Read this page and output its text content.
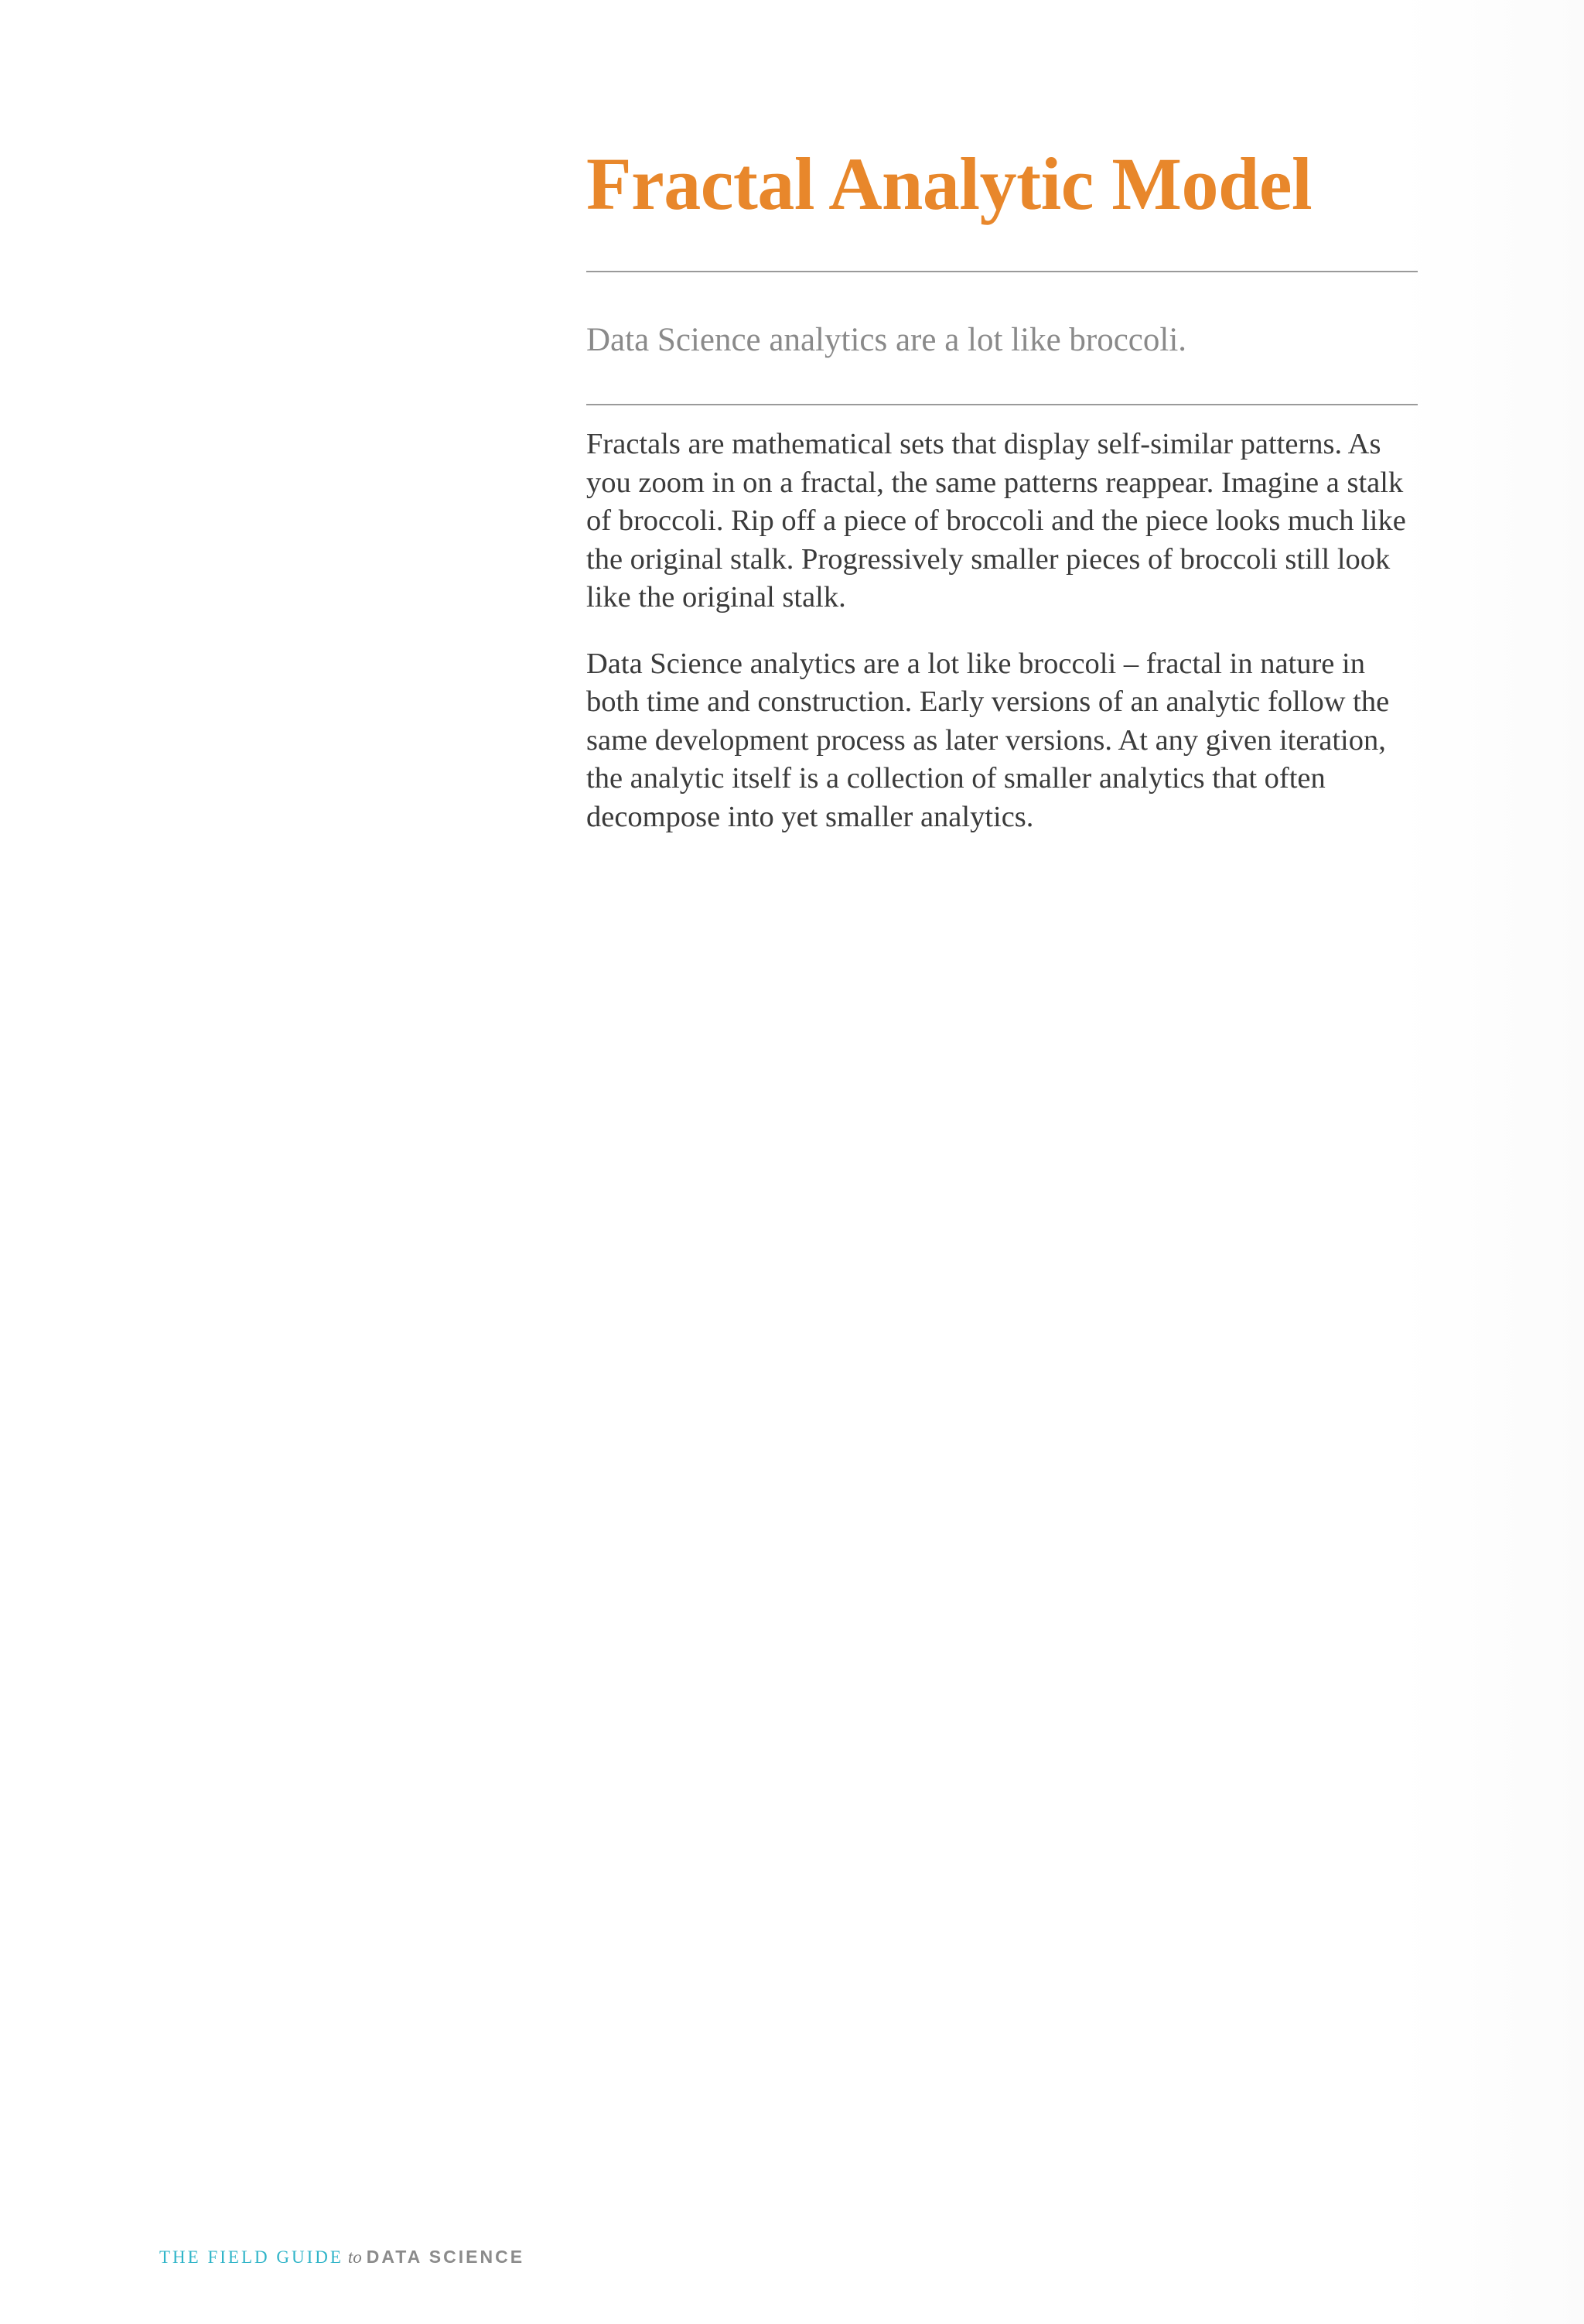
Fractal Analytic Model

Data Science analytics are a lot like broccoli.

Fractals are mathematical sets that display self-similar patterns. As you zoom in on a fractal, the same patterns reappear. Imagine a stalk of broccoli. Rip off a piece of broccoli and the piece looks much like the original stalk. Progressively smaller pieces of broccoli still look like the original stalk.

Data Science analytics are a lot like broccoli – fractal in nature in both time and construction. Early versions of an analytic follow the same development process as later versions. At any given iteration, the analytic itself is a collection of smaller analytics that often decompose into yet smaller analytics.

THE FIELD GUIDE to DATA SCIENCE
